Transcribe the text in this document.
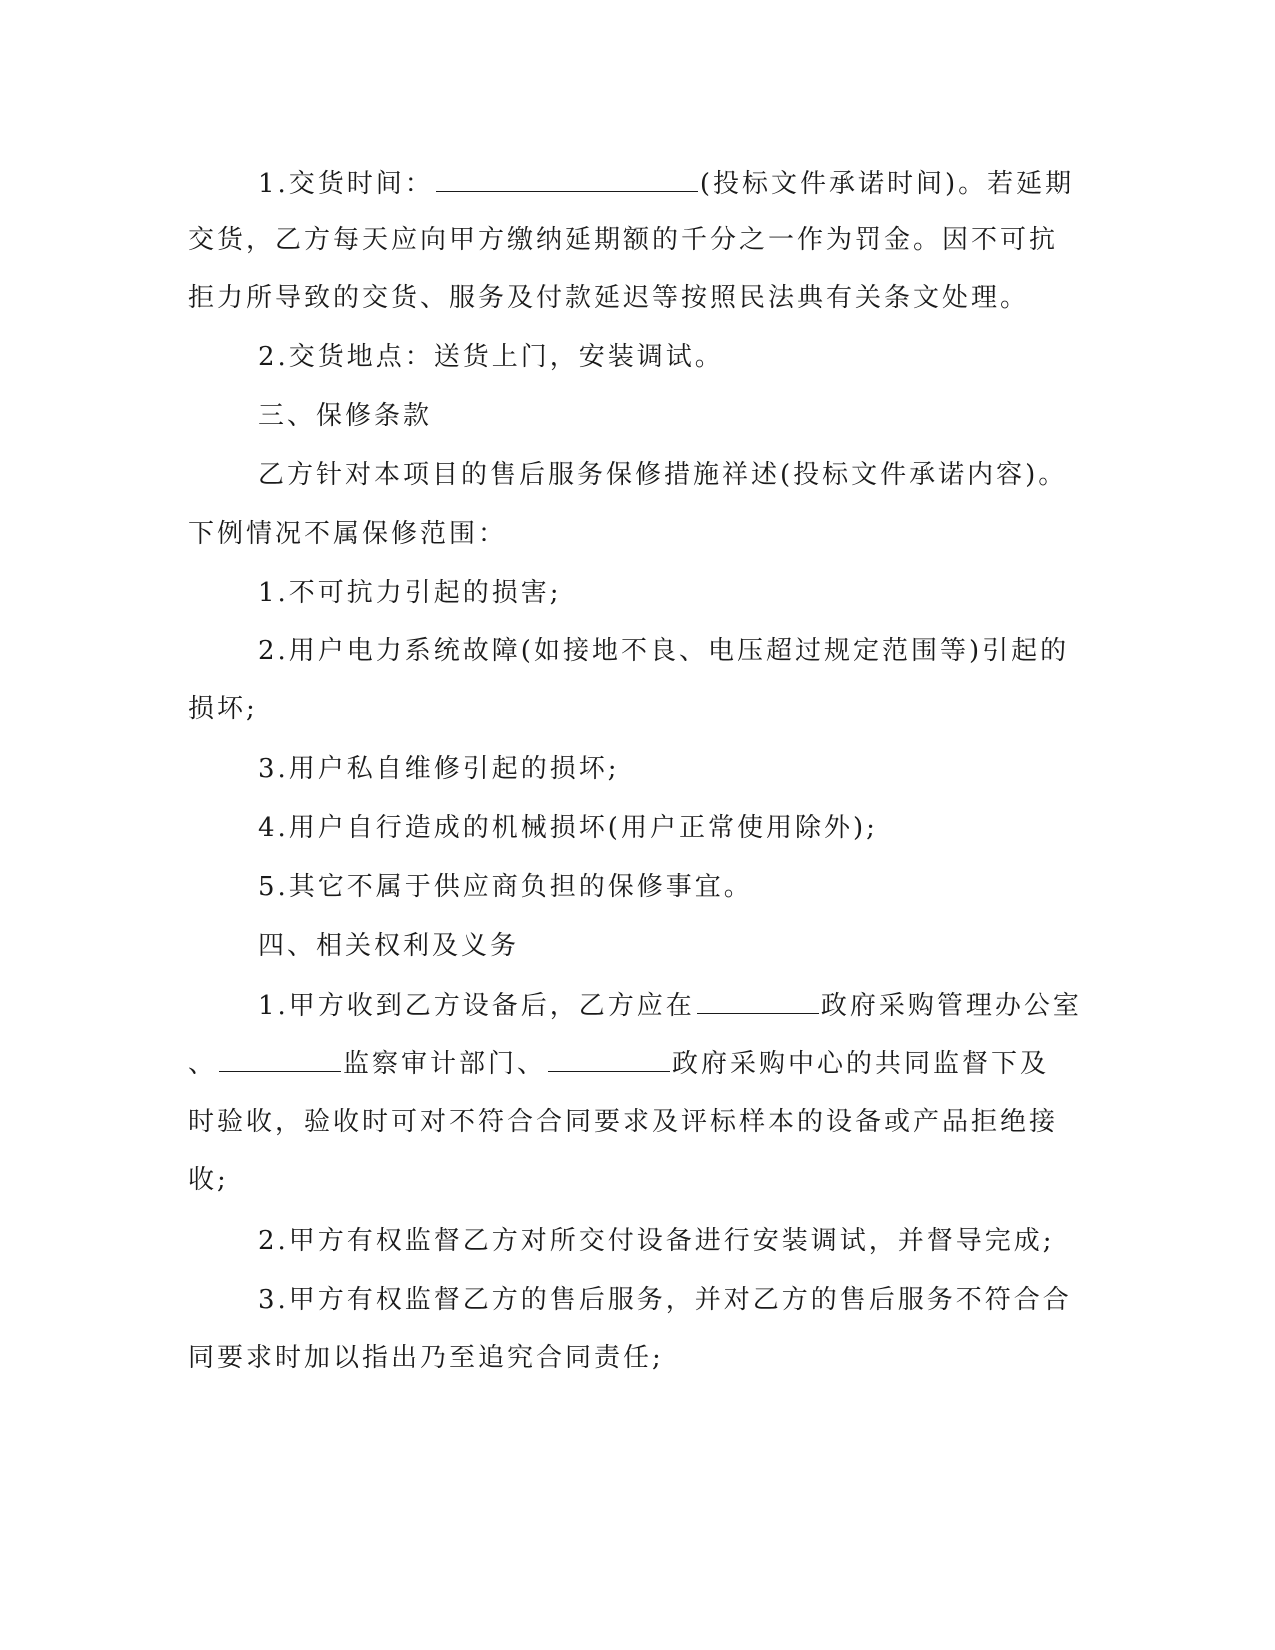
1.交货时间：	(投标文件承诺时间)。若延期
交货，乙方每天应向甲方缴纳延期额的千分之一作为罚金。因不可抗
拒力所导致的交货、服务及付款延迟等按照民法典有关条文处理。
2.交货地点：送货上门，安装调试。
三、保修条款
乙方针对本项目的售后服务保修措施祥述(投标文件承诺内容)。
下例情况不属保修范围：
1.不可抗力引起的损害;
2.用户电力系统故障(如接地不良、电压超过规定范围等)引起的
损坏;
3.用户私自维修引起的损坏;
4.用户自行造成的机械损坏(用户正常使用除外);
5.其它不属于供应商负担的保修事宜。
四、相关权利及义务
1.甲方收到乙方设备后，乙方应在	政府采购管理办公室
、	监察审计部门、	政府采购中心的共同监督下及
时验收，验收时可对不符合合同要求及评标样本的设备或产品拒绝接
收;
2.甲方有权监督乙方对所交付设备进行安装调试，并督导完成;
3.甲方有权监督乙方的售后服务，并对乙方的售后服务不符合合
同要求时加以指出乃至追究合同责任;
